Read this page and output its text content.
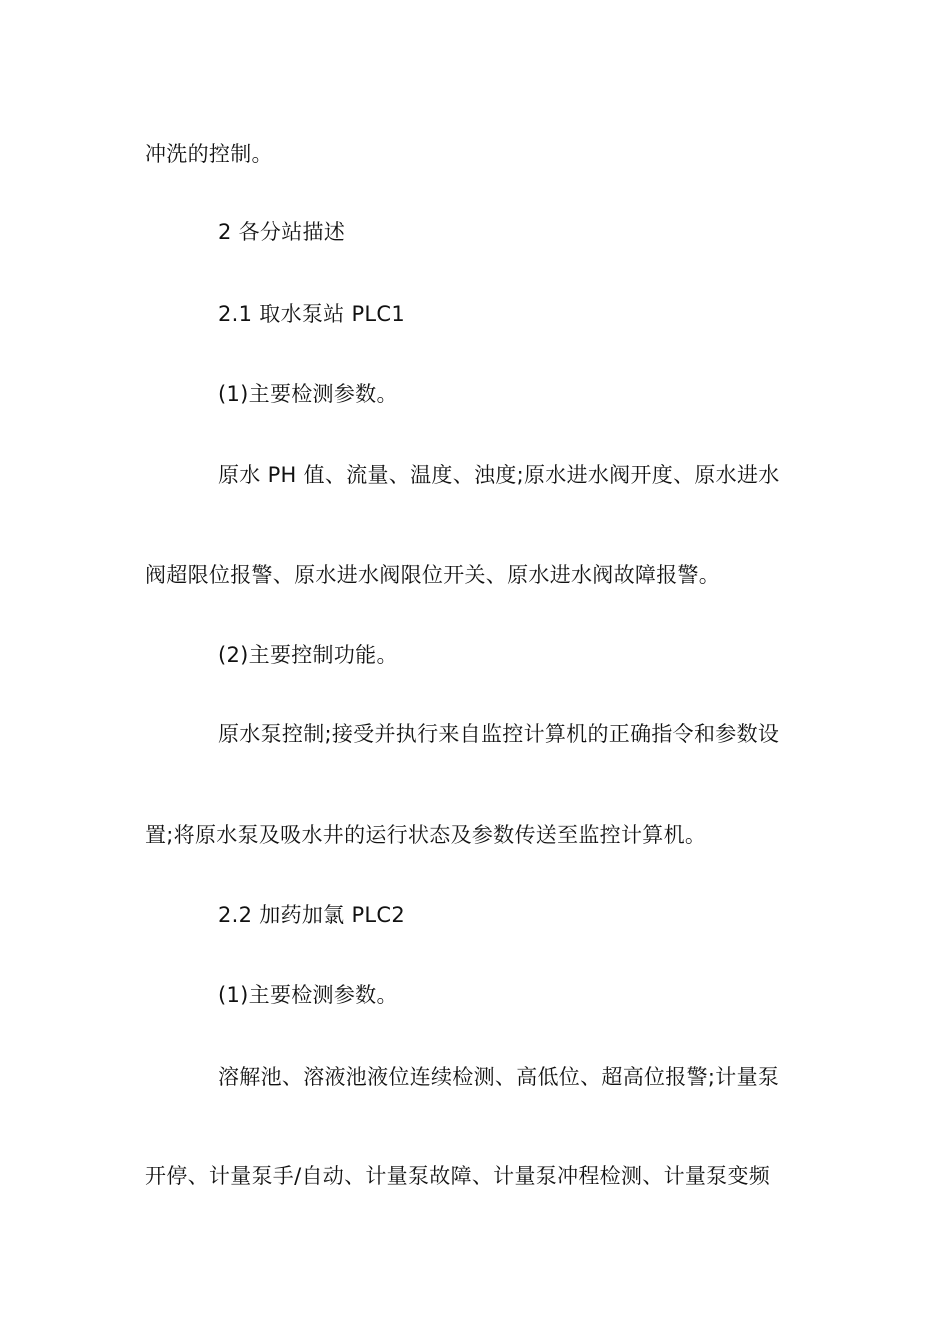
冲洗的控制。
2 各分站描述
2.1 取水泵站 PLC1
(1)主要检测参数。
原水 PH 值、流量、温度、浊度;原水进水阀开度、原水进水
阀超限位报警、原水进水阀限位开关、原水进水阀故障报警。
(2)主要控制功能。
原水泵控制;接受并执行来自监控计算机的正确指令和参数设
置;将原水泵及吸水井的运行状态及参数传送至监控计算机。
2.2 加药加氯 PLC2
(1)主要检测参数。
溶解池、溶液池液位连续检测、高低位、超高位报警;计量泵
开停、计量泵手/自动、计量泵故障、计量泵冲程检测、计量泵变频
